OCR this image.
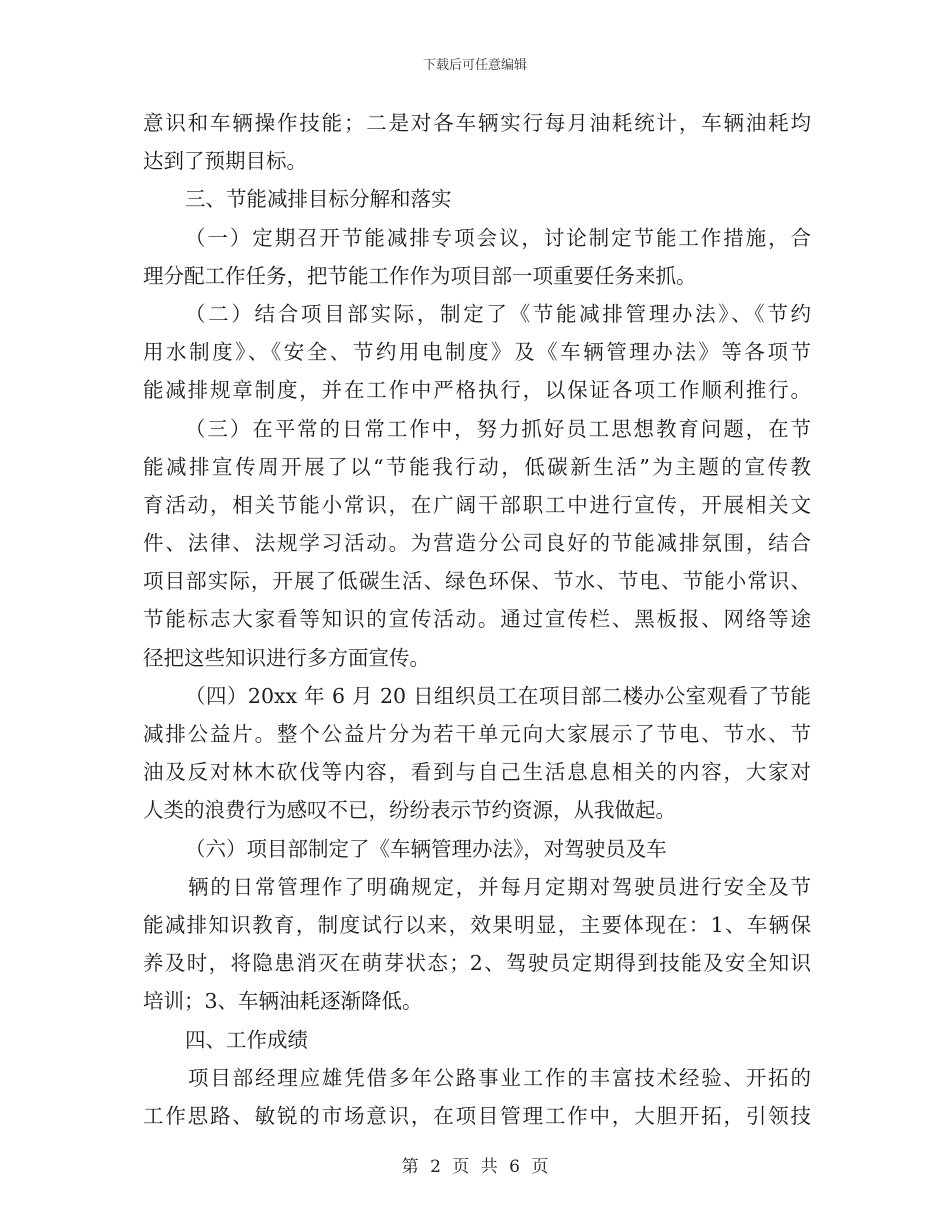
下载后可任意编辑
意识和车辆操作技能；二是对各车辆实行每月油耗统计，车辆油耗均
达到了预期目标。
三、节能减排目标分解和落实
（一）定期召开节能减排专项会议，讨论制定节能工作措施，合
理分配工作任务，把节能工作作为项目部一项重要任务来抓。
（二）结合项目部实际，制定了《节能减排管理办法》、《节约
用水制度》、《安全、节约用电制度》及《车辆管理办法》等各项节
能减排规章制度，并在工作中严格执行，以保证各项工作顺利推行。
（三）在平常的日常工作中，努力抓好员工思想教育问题，在节
能减排宣传周开展了以“节能我行动，低碳新生活”为主题的宣传教
育活动，相关节能小常识，在广阔干部职工中进行宣传，开展相关文
件、法律、法规学习活动。为营造分公司良好的节能减排氛围，结合
项目部实际，开展了低碳生活、绿色环保、节水、节电、节能小常识、
节能标志大家看等知识的宣传活动。通过宣传栏、黑板报、网络等途
径把这些知识进行多方面宣传。
（四）20xx 年 6 月 20 日组织员工在项目部二楼办公室观看了节能
减排公益片。整个公益片分为若干单元向大家展示了节电、节水、节
油及反对林木砍伐等内容，看到与自己生活息息相关的内容，大家对
人类的浪费行为感叹不已，纷纷表示节约资源，从我做起。
（六）项目部制定了《车辆管理办法》，对驾驶员及车
辆的日常管理作了明确规定，并每月定期对驾驶员进行安全及节
能减排知识教育，制度试行以来，效果明显，主要体现在：1、车辆保
养及时，将隐患消灭在萌芽状态；2、驾驶员定期得到技能及安全知识
培训；3、车辆油耗逐渐降低。
四、工作成绩
项目部经理应雄凭借多年公路事业工作的丰富技术经验、开拓的
工作思路、敏锐的市场意识，在项目管理工作中，大胆开拓，引领技
第 2 页 共 6 页
